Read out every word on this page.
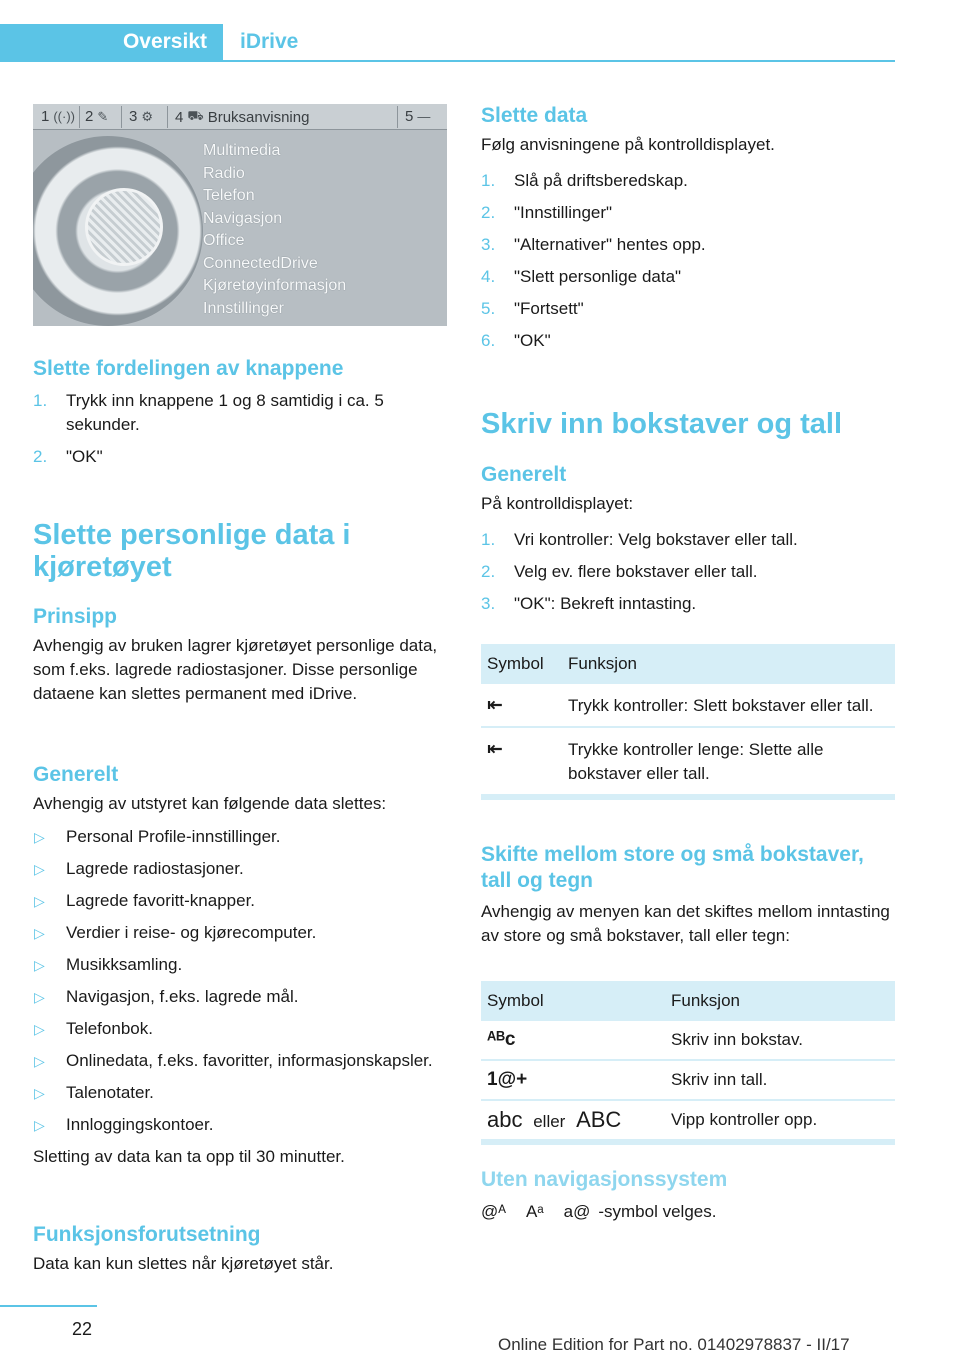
Oversikt	iDrive
1 ((·)) 2 ✎ 3 ⚙ 4 ⛟ Bruksanvisning	5 —
Multimedia
Radio
Telefon
Navigasjon
Office
ConnectedDrive
Kjøretøyinformasjon
Innstillinger
Slette fordelingen av knappene
1. Trykk inn knappene 1 og 8 samtidig i ca. 5 sekunder.
2. "OK"
Slette personlige data i kjøretøyet
Prinsipp
Avhengig av bruken lagrer kjøretøyet personlige data, som f.eks. lagrede radiostasjoner. Disse personlige dataene kan slettes permanent med iDrive.
Generelt
Avhengig av utstyret kan følgende data slettes:
▷ Personal Profile-innstillinger.
▷ Lagrede radiostasjoner.
▷ Lagrede favoritt-knapper.
▷ Verdier i reise- og kjørecomputer.
▷ Musikksamling.
▷ Navigasjon, f.eks. lagrede mål.
▷ Telefonbok.
▷ Onlinedata, f.eks. favoritter, informasjonskapsler.
▷ Talenotater.
▷ Innloggingskontoer.
Sletting av data kan ta opp til 30 minutter.
Funksjonsforutsetning
Data kan kun slettes når kjøretøyet står.
Slette data
Følg anvisningene på kontrolldisplayet.
1. Slå på driftsberedskap.
2. "Innstillinger"
3. "Alternativer" hentes opp.
4. "Slett personlige data"
5. "Fortsett"
6. "OK"
Skriv inn bokstaver og tall
Generelt
På kontrolldisplayet:
1. Vri kontroller: Velg bokstaver eller tall.
2. Velg ev. flere bokstaver eller tall.
3. "OK": Bekreft inntasting.
Symbol	Funksjon
⇤	Trykk kontroller: Slett bokstaver eller tall.
⇤	Trykke kontroller lenge: Slette alle bokstaver eller tall.
Skifte mellom store og små bokstaver, tall og tegn
Avhengig av menyen kan det skiftes mellom inntasting av store og små bokstaver, tall eller tegn:
Symbol	Funksjon
ᴬᴮc	Skriv inn bokstav.
1@+	Skriv inn tall.
abc eller ABC	Vipp kontroller opp.
Uten navigasjonssystem
@ᴬ Aᵃ a@ -symbol velges.
22
Online Edition for Part no. 01402978837 - II/17
